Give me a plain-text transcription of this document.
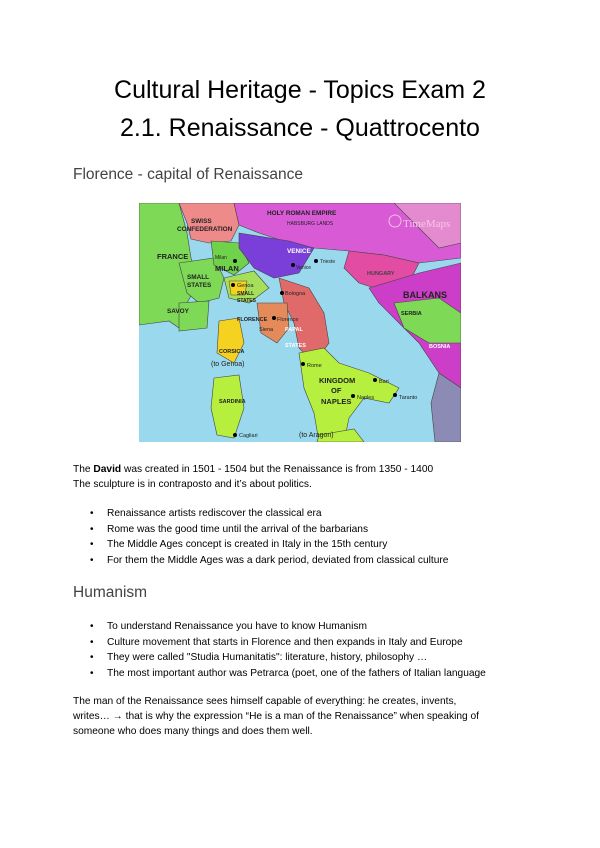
Cultural Heritage - Topics Exam 2
2.1. Renaissance - Quattrocento
Florence - capital of Renaissance
HOLY ROMAN EMPIRE
HABSBURG LANDS
SWISS
CONFEDERATION
FRANCE	Milan
MILAN
VENICE
Venice
Trieste
HUNGARY
SMALL
STATES	Genoa
SMALL
STATES
Bologna	BALKANS
SAVOY	SERBIA
FLORENCE Florence
Siena PAPAL
STATES	BOSNIA
CORSICA
(to Genoa)	Rome
KINGDOM
OF
NAPLES
Bari
Naples	Taranto
SARDINIA
Cagliari	(to Aragon)
TimeMaps

The David was created in 1501 - 1504 but the Renaissance is from 1350 - 1400

The sculpture is in contraposto and it’s about politics.

• Renaissance artists rediscover the classical era
• Rome was the good time until the arrival of the barbarians
• The Middle Ages concept is created in Italy in the 15th century
• For them the Middle Ages was a dark period, deviated from classical culture
Humanism
• To understand Renaissance you have to know Humanism
• Culture movement that starts in Florence and then expands in Italy and Europe
• They were called "Studia Humanitatis": literature, history, philosophy …
• The most important author was Petrarca (poet, one of the fathers of Italian language

The man of the Renaissance sees himself capable of everything: he creates, invents,
writes… → that is why the expression “He is a man of the Renaissance” when speaking of
someone who does many things and does them well.
